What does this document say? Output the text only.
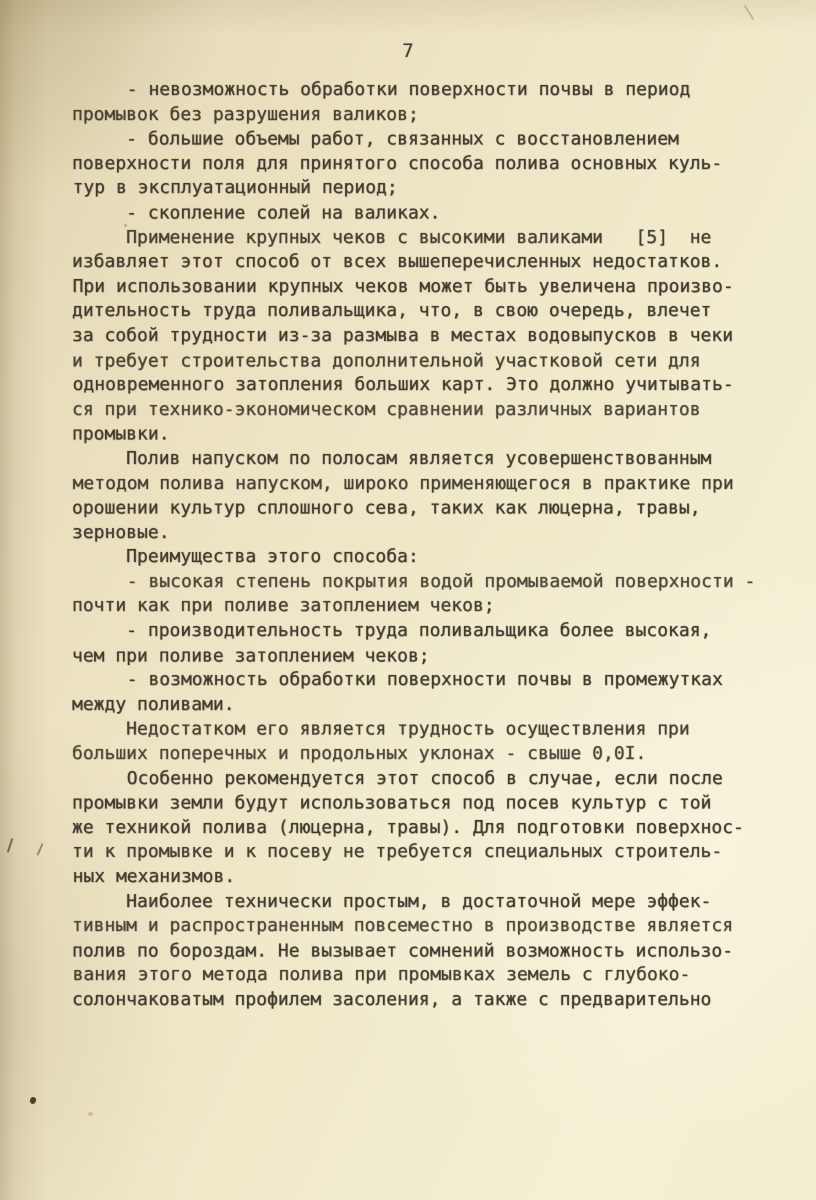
7
- невозможность обработки поверхности почвы в период
промывок без разрушения валиков;
- большие объемы работ, связанных с восстановлением
поверхности поля для принятого способа полива основных куль-
тур в эксплуатационный период;
- скопление солей на валиках.
Применение крупных чеков с высокими валиками   [5]  не
избавляет этот способ от всех вышеперечисленных недостатков.
При использовании крупных чеков может быть увеличена произво-
дительность труда поливальщика, что, в свою очередь, влечет
за собой трудности из-за размыва в местах водовыпусков в чеки
и требует строительства дополнительной участковой сети для
одновременного затопления больших карт. Это должно учитывать-
ся при технико-экономическом сравнении различных вариантов
промывки.
Полив напуском по полосам является усовершенствованным
методом полива напуском, широко применяющегося в практике при
орошении культур сплошного сева, таких как люцерна, травы,
зерновые.
Преимущества этого способа:
- высокая степень покрытия водой промываемой поверхности -
почти как при поливе затоплением чеков;
- производительность труда поливальщика более высокая,
чем при поливе затоплением чеков;
- возможность обработки поверхности почвы в промежутках
между поливами.
Недостатком его является трудность осуществления при
больших поперечных и продольных уклонах - свыше 0,0I.
Особенно рекомендуется этот способ в случае, если после
промывки земли будут использоваться под посев культур с той
же техникой полива (люцерна, травы). Для подготовки поверхнос-
ти к промывке и к посеву не требуется специальных строитель-
ных механизмов.
Наиболее технически простым, в достаточной мере эффек-
тивным и распространенным повсеместно в производстве является
полив по бороздам. Не вызывает сомнений возможность использо-
вания этого метода полива при промывках земель с глубоко-
солончаковатым профилем засоления, а также с предварительно
